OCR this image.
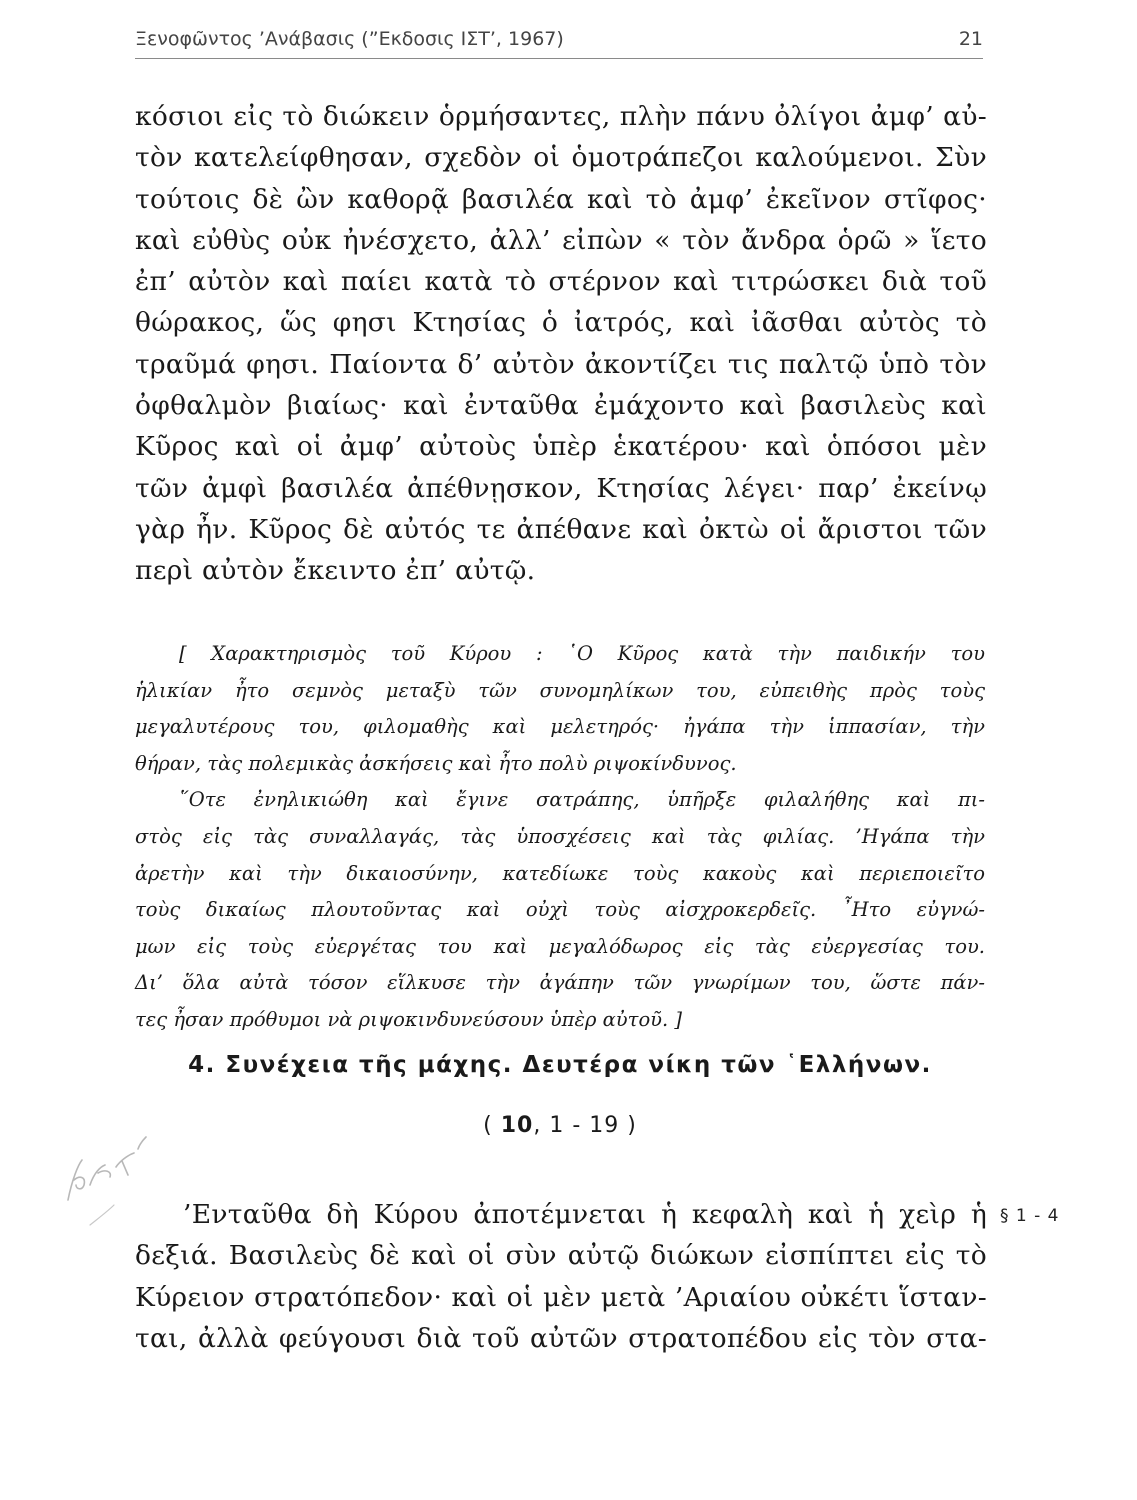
Ξενοφῶντος ’Ανάβασις (”Εκδοσις ΙΣΤ’, 1967)	21
κόσιοι εἰς τὸ διώκειν ὁρμήσαντες, πλὴν πάνυ ὀλίγοι ἀμφ’ αὐ-
τὸν κατελείφθησαν, σχεδὸν οἱ ὁμοτράπεζοι καλούμενοι. Σὺν
τούτοις δὲ ὢν καθορᾷ βασιλέα καὶ τὸ ἀμφ’ ἐκεῖνον στῖφος·
καὶ εὐθὺς οὐκ ἠνέσχετο, ἀλλ’ εἰπὼν « τὸν ἄνδρα ὁρῶ » ἵετο
ἐπ’ αὐτὸν καὶ παίει κατὰ τὸ στέρνον καὶ τιτρώσκει διὰ τοῦ
θώρακος, ὥς φησι Κτησίας ὁ ἰατρός, καὶ ἰᾶσθαι αὐτὸς τὸ
τραῦμά φησι. Παίοντα δ’ αὐτὸν ἀκοντίζει τις παλτῷ ὑπὸ τὸν
ὀφθαλμὸν βιαίως· καὶ ἐνταῦθα ἐμάχοντο καὶ βασιλεὺς καὶ
Κῦρος καὶ οἱ ἀμφ’ αὐτοὺς ὑπὲρ ἑκατέρου· καὶ ὁπόσοι μὲν
τῶν ἀμφὶ βασιλέα ἀπέθνῃσκον, Κτησίας λέγει· παρ’ ἐκείνῳ
γὰρ ἦν. Κῦρος δὲ αὐτός τε ἀπέθανε καὶ ὀκτὼ οἱ ἄριστοι τῶν
περὶ αὐτὸν ἔκειντο ἐπ’ αὐτῷ.
[ Χαρακτηρισμὸς τοῦ Κύρου : ῾Ο Κῦρος κατὰ τὴν παιδικήν του
ἡλικίαν ἦτο σεμνὸς μεταξὺ τῶν συνομηλίκων του, εὐπειθὴς πρὸς τοὺς
μεγαλυτέρους του, φιλομαθὴς καὶ μελετηρός· ἠγάπα τὴν ἱππασίαν, τὴν
θήραν, τὰς πολεμικὰς ἀσκήσεις καὶ ἦτο πολὺ ριψοκίνδυνος.
῞Οτε ἐνηλικιώθη καὶ ἔγινε σατράπης, ὑπῆρξε φιλαλήθης καὶ πι-
στὸς εἰς τὰς συναλλαγάς, τὰς ὑποσχέσεις καὶ τὰς φιλίας. ’Ηγάπα τὴν
ἀρετὴν καὶ τὴν δικαιοσύνην, κατεδίωκε τοὺς κακοὺς καὶ περιεποιεῖτο
τοὺς δικαίως πλουτοῦντας καὶ οὐχὶ τοὺς αἰσχροκερδεῖς. ῏Ητο εὐγνώ-
μων εἰς τοὺς εὐεργέτας του καὶ μεγαλόδωρος εἰς τὰς εὐεργεσίας του.
Δι’ ὅλα αὐτὰ τόσον εἵλκυσε τὴν ἀγάπην τῶν γνωρίμων του, ὥστε πάν-
τες ἦσαν πρόθυμοι νὰ ριψοκινδυνεύσουν ὑπὲρ αὐτοῦ. ]
4. Συνέχεια τῆς μάχης. Δευτέρα νίκη τῶν ῾Ελλήνων.
( 10, 1 - 19 )
’Ενταῦθα δὴ Κύρου ἀποτέμνεται ἡ κεφαλὴ καὶ ἡ χεὶρ ἡ
δεξιά. Βασιλεὺς δὲ καὶ οἱ σὺν αὐτῷ διώκων εἰσπίπτει εἰς τὸ
Κύρειον στρατόπεδον· καὶ οἱ μὲν μετὰ ’Αριαίου οὐκέτι ἵσταν-
ται, ἀλλὰ φεύγουσι διὰ τοῦ αὐτῶν στρατοπέδου εἰς τὸν στα-
§ 1 - 4
